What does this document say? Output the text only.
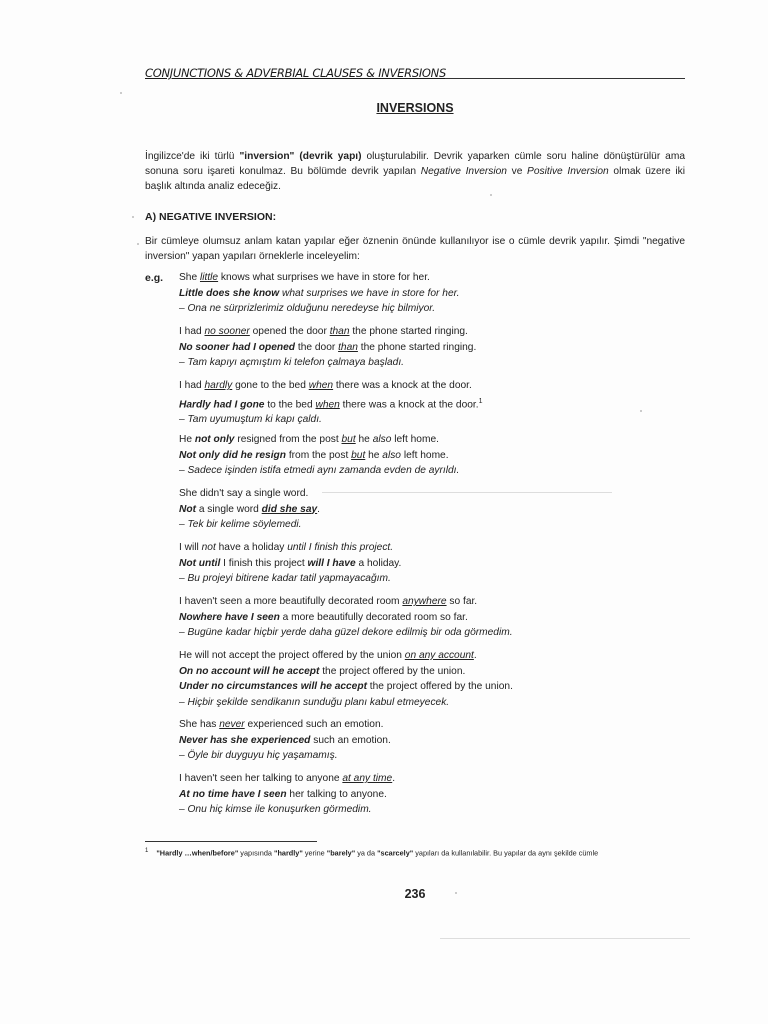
CONJUNCTIONS & ADVERBIAL CLAUSES & INVERSIONS
INVERSIONS
İngilizce'de iki türlü "inversion" (devrik yapı) oluşturulabilir. Devrik yaparken cümle soru haline dönüştürülür ama sonuna soru işareti konulmaz. Bu bölümde devrik yapılan Negative Inversion ve Positive Inversion olmak üzere iki başlık altında analiz edeceğiz.
A) NEGATIVE INVERSION:
Bir cümleye olumsuz anlam katan yapılar eğer öznenin önünde kullanılıyor ise o cümle devrik yapılır. Şimdi "negative inversion" yapan yapıları örneklerle inceleyelim:
e.g. She little knows what surprises we have in store for her.
Little does she know what surprises we have in store for her.
– Ona ne sürprizlerimiz olduğunu neredeyse hiç bilmiyor.
I had no sooner opened the door than the phone started ringing.
No sooner had I opened the door than the phone started ringing.
– Tam kapıyı açmıştım ki telefon çalmaya başladı.
I had hardly gone to the bed when there was a knock at the door.
Hardly had I gone to the bed when there was a knock at the door.$^1$
– Tam uyumuştum ki kapı çaldı.
He not only resigned from the post but he also left home.
Not only did he resign from the post but he also left home.
– Sadece işinden istifa etmedi aynı zamanda evden de ayrıldı.
She didn't say a single word.
Not a single word did she say.
– Tek bir kelime söylemedi.
I will not have a holiday until I finish this project.
Not until I finish this project will I have a holiday.
– Bu projeyi bitirene kadar tatil yapmayacağım.
I haven't seen a more beautifully decorated room anywhere so far.
Nowhere have I seen a more beautifully decorated room so far.
– Bugüne kadar hiçbir yerde daha güzel dekore edilmiş bir oda görmedim.
He will not accept the project offered by the union on any account.
On no account will he accept the project offered by the union.
Under no circumstances will he accept the project offered by the union.
– Hiçbir şekilde sendikanın sunduğu planı kabul etmeyecek.
She has never experienced such an emotion.
Never has she experienced such an emotion.
– Öyle bir duyguyu hiç yaşamamış.
I haven't seen her talking to anyone at any time.
At no time have I seen her talking to anyone.
– Onu hiç kimse ile konuşurken görmedim.
$^1$ "Hardly …when/before" yapısında "hardly" yerine "barely" ya da "scarcely" yapıları da kullanılabilir. Bu yapılar da aynı şekilde cümle
236
